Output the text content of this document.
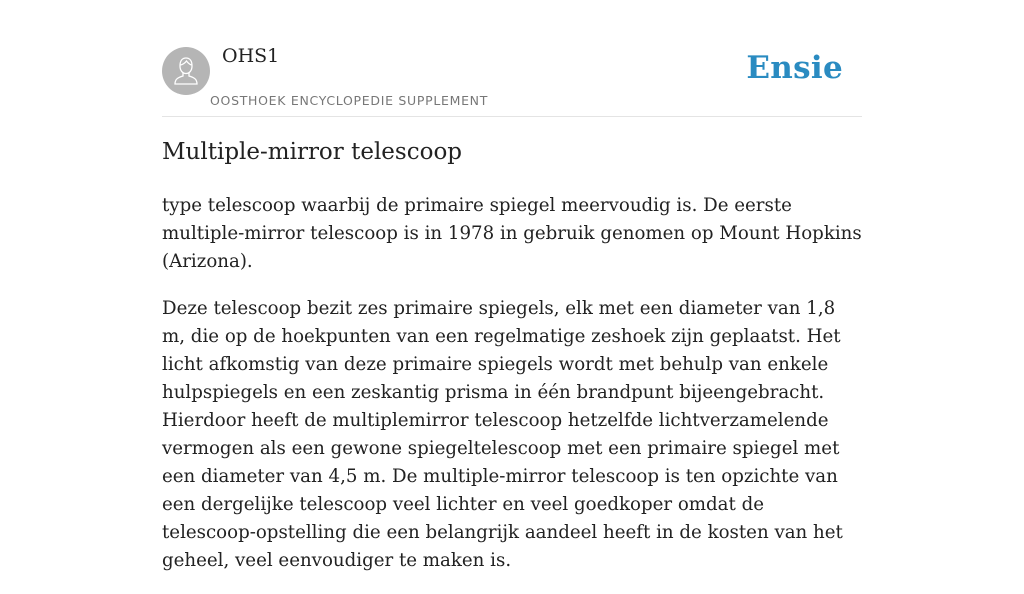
OHS1
OOSTHOEK ENCYCLOPEDIE SUPPLEMENT
Ensie
Multiple-mirror telescoop

type telescoop waarbij de primaire spiegel meervoudig is. De eerste multiple-mirror telescoop is in 1978 in gebruik genomen op Mount Hopkins (Arizona).

Deze telescoop bezit zes primaire spiegels, elk met een diameter van 1,8 m, die op de hoekpunten van een regelmatige zeshoek zijn geplaatst. Het licht afkomstig van deze primaire spiegels wordt met behulp van enkele hulpspiegels en een zeskantig prisma in één brandpunt bijeengebracht. Hierdoor heeft de multiplemirror telescoop hetzelfde lichtverzamelende vermogen als een gewone spiegeltelescoop met een primaire spiegel met een diameter van 4,5 m. De multiple-mirror telescoop is ten opzichte van een dergelijke telescoop veel lichter en veel goedkoper omdat de telescoop-opstelling die een belangrijk aandeel heeft in de kosten van het geheel, veel eenvoudiger te maken is.
